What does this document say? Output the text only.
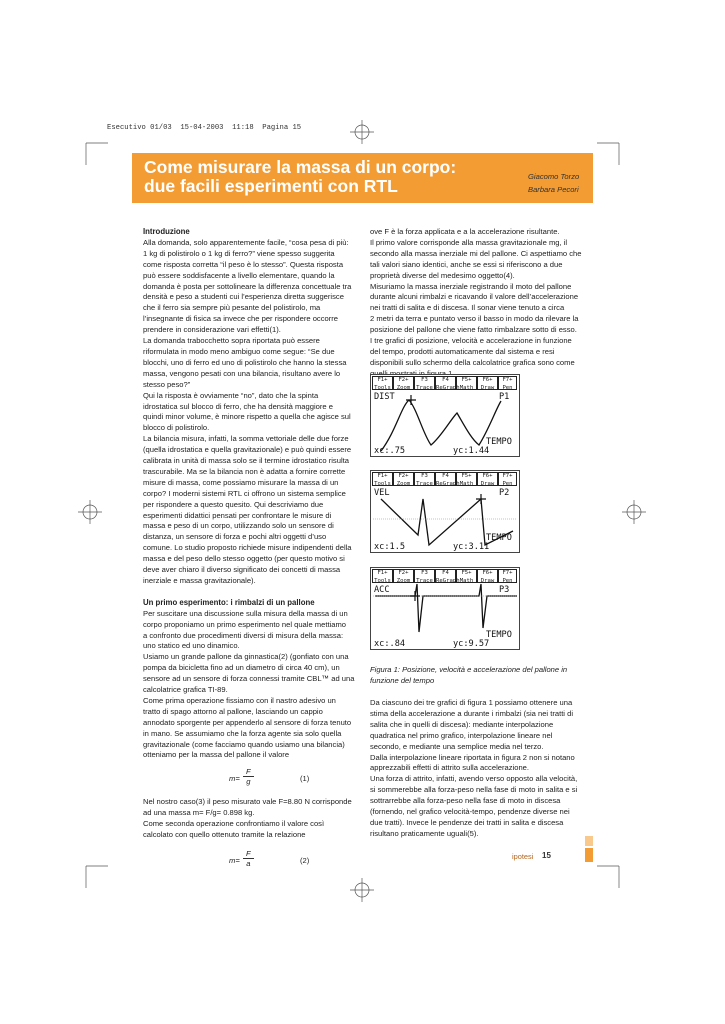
Esecutivo 01/03  15-04-2003  11:18  Pagina 15
Come misurare la massa di un corpo:
due facili esperimenti con RTL	Giacomo Torzo
Barbara Pecori
Introduzione

Alla domanda, solo apparentemente facile, “cosa pesa di più:

1 kg di polistirolo o 1 kg di ferro?” viene spesso suggerita

come risposta corretta “il peso è lo stesso”. Questa risposta

può essere soddisfacente a livello elementare, quando la

domanda è posta per sottolineare la differenza concettuale tra

densità e peso a studenti cui l’esperienza diretta suggerisce

che il ferro sia sempre più pesante del polistirolo, ma

l’insegnante di fisica sa invece che per rispondere occorre

prendere in considerazione vari effetti(1).

La domanda trabocchetto sopra riportata può essere

riformulata in modo meno ambiguo come segue: “Se due

blocchi, uno di ferro ed uno di polistirolo che hanno la stessa

massa, vengono pesati con una bilancia, risultano avere lo

stesso peso?”

Qui la risposta è ovviamente “no”, dato che la spinta

idrostatica sul blocco di ferro, che ha densità maggiore e

quindi minor volume, è minore rispetto a quella che agisce sul

blocco di polistirolo.

La bilancia misura, infatti, la somma vettoriale delle due forze

(quella idrostatica e quella gravitazionale) e può quindi essere

calibrata in unità di massa solo se il termine idrostatico risulta

trascurabile. Ma se la bilancia non è adatta a fornire corrette

misure di massa, come possiamo misurare la massa di un

corpo? I moderni sistemi RTL ci offrono un sistema semplice

per rispondere a questo quesito. Qui descriviamo due

esperimenti didattici pensati per confrontare le misure di

massa e peso di un corpo, utilizzando solo un sensore di

distanza, un sensore di forza e pochi altri oggetti d’uso

comune. Lo studio proposto richiede misure indipendenti della

massa e del peso dello stesso oggetto (per questo motivo si

deve aver chiaro il diverso significato dei concetti di massa

inerziale e massa gravitazionale).

Un primo esperimento: i rimbalzi di un pallone

Per suscitare una discussione sulla misura della massa di un

corpo proponiamo un primo esperimento nel quale mettiamo

a confronto due procedimenti diversi di misura della massa:

uno statico ed uno dinamico.

Usiamo un grande pallone da ginnastica(2) (gonfiato con una

pompa da bicicletta fino ad un diametro di circa 40 cm), un

sensore ad un sensore di forza connessi tramite CBL™ ad una

calcolatrice grafica TI-89.

Come prima operazione fissiamo con il nastro adesivo un

tratto di spago attorno al pallone, lasciando un cappio

annodato sporgente per appenderlo al sensore di forza tenuto

in mano. Se assumiamo che la forza agente sia solo quella

gravitazionale (come facciamo quando usiamo una bilancia)

otteniamo per la massa del pallone il valore

$m= \frac{F}{g}$	(1)

Nel nostro caso(3) il peso misurato vale F=8.80 N corrisponde

ad una massa m= F/g= 0.898 kg.

Come seconda operazione confrontiamo il valore così

calcolato con quello ottenuto tramite la relazione

$m= \frac{F}{a}$	(2)

ove F è la forza applicata e a la accelerazione risultante.

Il primo valore corrisponde alla massa gravitazionale mg, il

secondo alla massa inerziale mi del pallone. Ci aspettiamo che

tali valori siano identici, anche se essi si riferiscono a due

proprietà diverse del medesimo oggetto(4).

Misuriamo la massa inerziale registrando il moto del pallone

durante alcuni rimbalzi e ricavando il valore dell’accelerazione

nei tratti di salita e di discesa. Il sonar viene tenuto a circa

2 metri da terra e puntato verso il basso in modo da rilevare la

posizione del pallone che viene fatto rimbalzare sotto di esso.

I tre grafici di posizione, velocità e accelerazione in funzione

del tempo, prodotti automaticamente dal sistema e resi

disponibili sullo schermo della calcolatrice grafica sono come

F1+ Tools
F2+ Zoom
F3 Trace
F4 ReGraph
F5+ Math
F6+ Draw
F7+ Pen
DIST	P1
TEMPO
xc:.75	yc:1.44
F1+ Tools
F2+ Zoom
F3 Trace
F4 ReGraph
F5+ Math
F6+ Draw
F7+ Pen
VEL	P2
TEMPO
xc:1.5	yc:3.11
F1+ Tools
F2+ Zoom
F3 Trace
F4 ReGraph
F5+ Math
F6+ Draw
F7+ Pen
ACC	P3
TEMPO
xc:.84	yc:9.57
Figura 1: Posizione, velocità e accelerazione del pallone in funzione del tempo

Da ciascuno dei tre grafici di figura 1 possiamo ottenere una

stima della accelerazione a durante i rimbalzi (sia nei tratti di

salita che in quelli di discesa): mediante interpolazione

quadratica nel primo grafico, interpolazione lineare nel

secondo, e mediante una semplice media nel terzo.

Dalla interpolazione lineare riportata in figura 2 non si notano

apprezzabili effetti di attrito sulla accelerazione.

Una forza di attrito, infatti, avendo verso opposto alla velocità,

si sommerebbe alla forza-peso nella fase di moto in salita e si

sottrarrebbe alla forza-peso nella fase di moto in discesa

(fornendo, nel grafico velocità-tempo, pendenze diverse nei

due tratti). Invece le pendenze dei tratti in salita e discesa

risultano praticamente uguali(5).

ipotesi 15
